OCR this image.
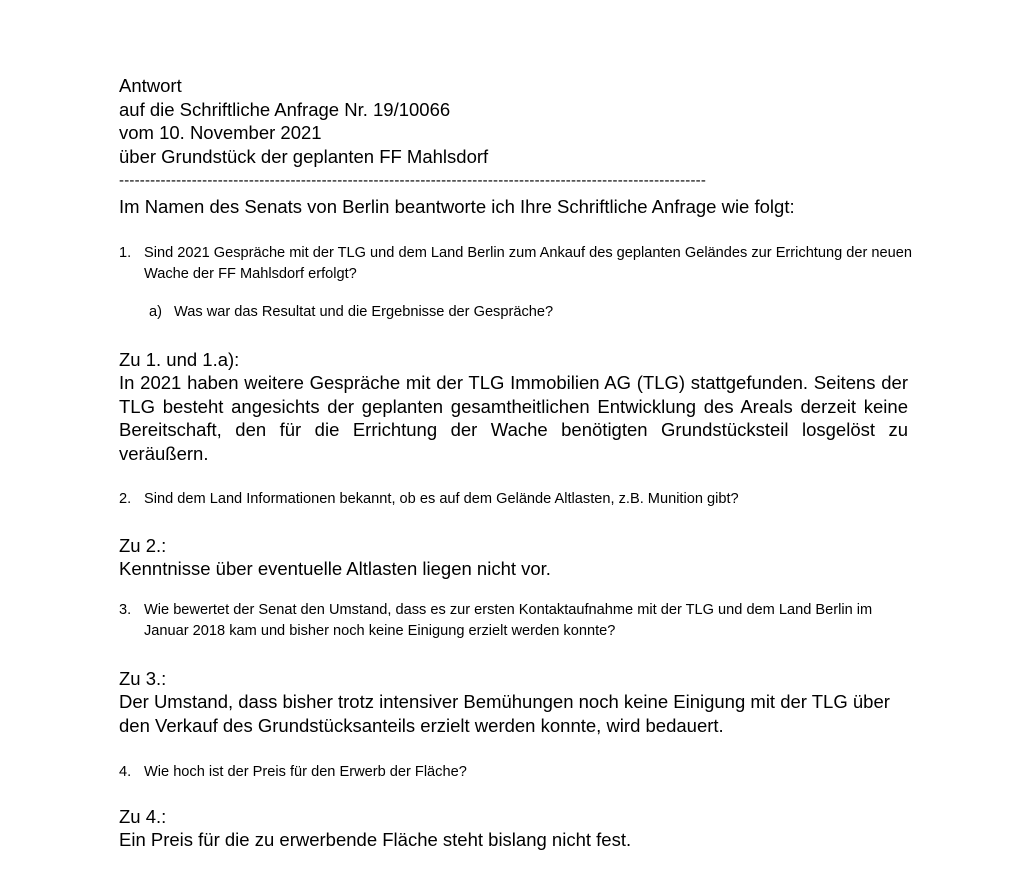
Antwort
auf die Schriftliche Anfrage Nr. 19/10066
vom 10. November 2021
über Grundstück der geplanten FF Mahlsdorf
-----------------------------------------------------------------------------------------------------------------
Im Namen des Senats von Berlin beantworte ich Ihre Schriftliche Anfrage wie folgt:
1. Sind 2021 Gespräche mit der TLG und dem Land Berlin zum Ankauf des geplanten Geländes zur Errichtung der neuen Wache der FF Mahlsdorf erfolgt?
a) Was war das Resultat und die Ergebnisse der Gespräche?
Zu 1. und 1.a):
In 2021 haben weitere Gespräche mit der TLG Immobilien AG (TLG) stattgefunden. Seitens der TLG besteht angesichts der geplanten gesamtheitlichen Entwicklung des Areals derzeit keine Bereitschaft, den für die Errichtung der Wache benötigten Grundstücksteil losgelöst zu veräußern.
2. Sind dem Land Informationen bekannt, ob es auf dem Gelände Altlasten, z.B. Munition gibt?
Zu 2.:
Kenntnisse über eventuelle Altlasten liegen nicht vor.
3. Wie bewertet der Senat den Umstand, dass es zur ersten Kontaktaufnahme mit der TLG und dem Land Berlin im Januar 2018 kam und bisher noch keine Einigung erzielt werden konnte?
Zu 3.:
Der Umstand, dass bisher trotz intensiver Bemühungen noch keine Einigung mit der TLG über den Verkauf des Grundstücksanteils erzielt werden konnte, wird bedauert.
4. Wie hoch ist der Preis für den Erwerb der Fläche?
Zu 4.:
Ein Preis für die zu erwerbende Fläche steht bislang nicht fest.
